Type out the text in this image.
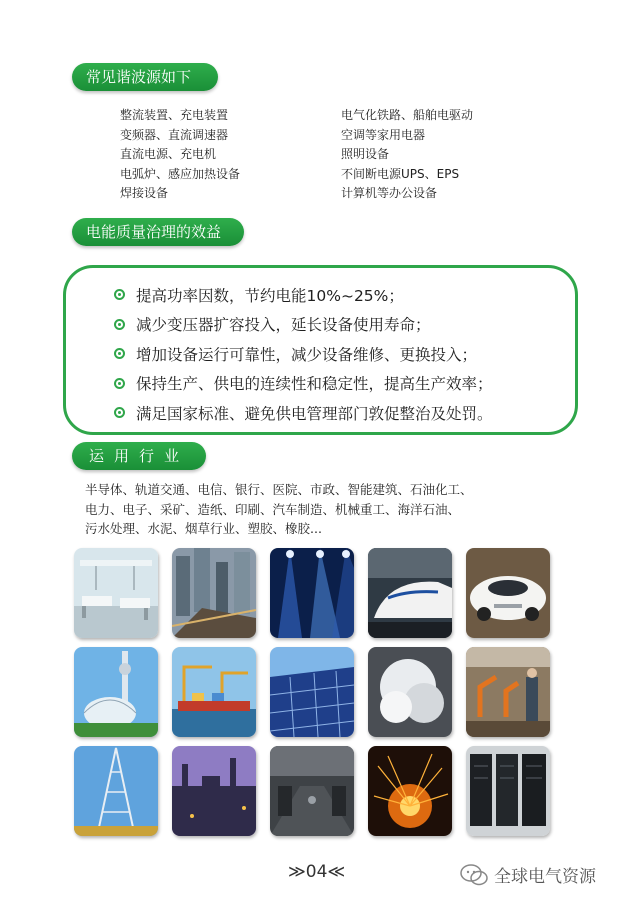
常见谐波源如下
电能质量治理的效益
运用行业
整流装置、充电装置
变频器、直流调速器
直流电源、充电机
电弧炉、感应加热设备
焊接设备
电气化铁路、船舶电驱动
空调等家用电器
照明设备
不间断电源UPS、EPS
计算机等办公设备
提高功率因数，节约电能10%~25%；
减少变压器扩容投入，延长设备使用寿命；
增加设备运行可靠性，减少设备维修、更换投入；
保持生产、供电的连续性和稳定性，提高生产效率；
满足国家标准、避免供电管理部门敦促整治及处罚。
半导体、轨道交通、电信、银行、医院、市政、智能建筑、石油化工、
电力、电子、采矿、造纸、印刷、汽车制造、机械重工、海洋石油、
污水处理、水泥、烟草行业、塑胶、橡胶...
≫04≪	全球电气资源
